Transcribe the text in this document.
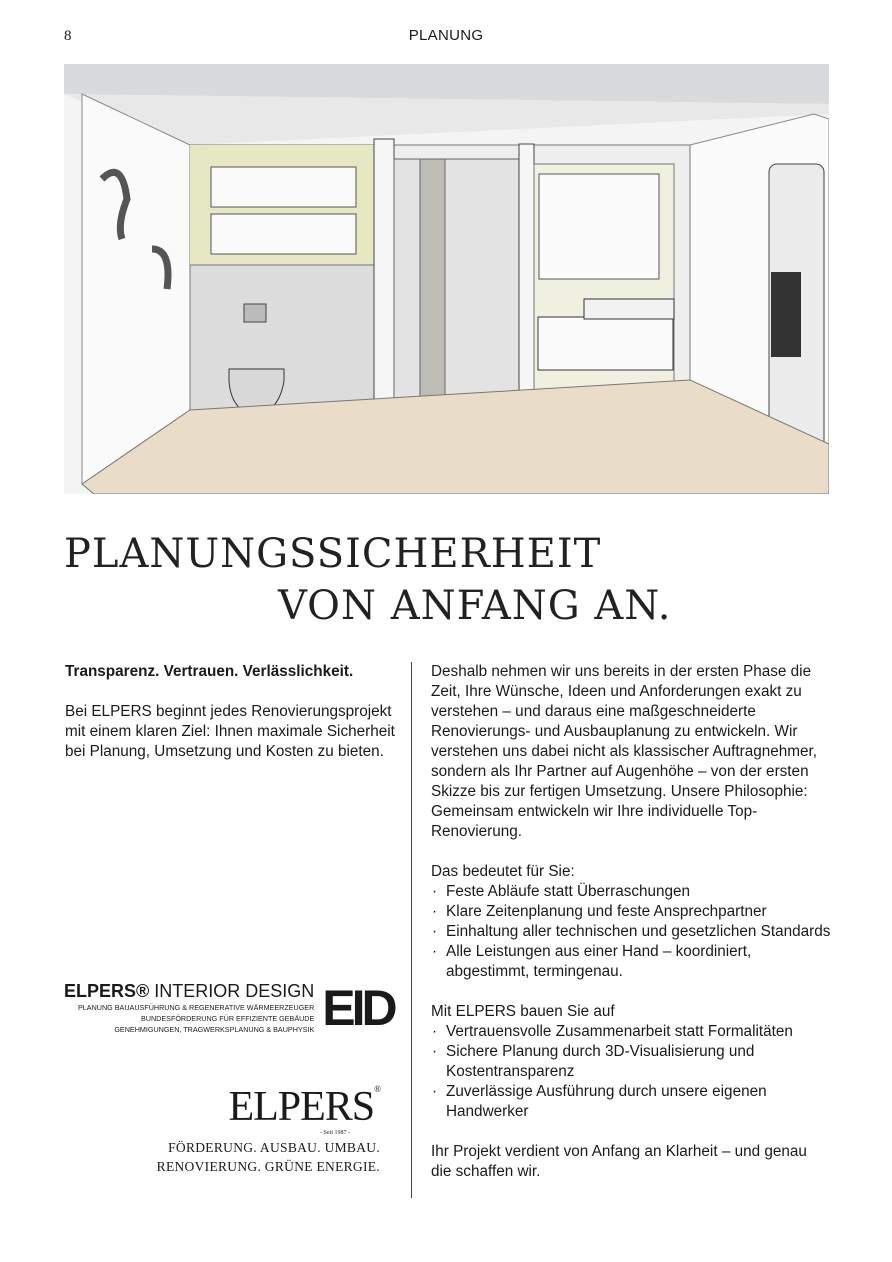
8	PLANUNG
PLANUNGSSICHERHEIT
VON ANFANG AN.

Transparenz. Vertrauen. Verlässlichkeit.

Bei ELPERS beginnt jedes Renovierungsprojekt mit einem klaren Ziel: Ihnen maximale Sicherheit bei Planung, Umsetzung und Kosten zu bieten.

Deshalb nehmen wir uns bereits in der ersten Phase die Zeit, Ihre Wünsche, Ideen und Anforderungen exakt zu verstehen – und daraus eine maßgeschneiderte Renovierungs- und Ausbauplanung zu entwickeln. Wir verstehen uns dabei nicht als klassischer Auftragnehmer, sondern als Ihr Partner auf Augenhöhe – von der ersten Skizze bis zur fertigen Umsetzung. Unsere Philosophie: Gemeinsam entwickeln wir Ihre individuelle Top-Renovierung.

Das bedeutet für Sie:
· Feste Abläufe statt Überraschungen
· Klare Zeitenplanung und feste Ansprechpartner
· Einhaltung aller technischen und gesetzlichen Standards
· Alle Leistungen aus einer Hand – koordiniert, abgestimmt, termingenau.
Mit ELPERS bauen Sie auf
· Vertrauensvolle Zusammenarbeit statt Formalitäten
· Sichere Planung durch 3D-Visualisierung und Kostentransparenz
· Zuverlässige Ausführung durch unsere eigenen Handwerker

Ihr Projekt verdient von Anfang an Klarheit – und genau die schaffen wir.

ELPERS® INTERIOR DESIGN
PLANUNG BAUAUSFÜHRUNG & REGENERATIVE WÄRMEERZEUGER
BUNDESFÖRDERUNG FÜR EFFIZIENTE GEBÄUDE
GENEHMIGUNGEN, TRAGWERKSPLANUNG & BAUPHYSIK EID
ELPERS®
- Seit 1987 -
FÖRDERUNG. AUSBAU. UMBAU.
RENOVIERUNG. GRÜNE ENERGIE.
